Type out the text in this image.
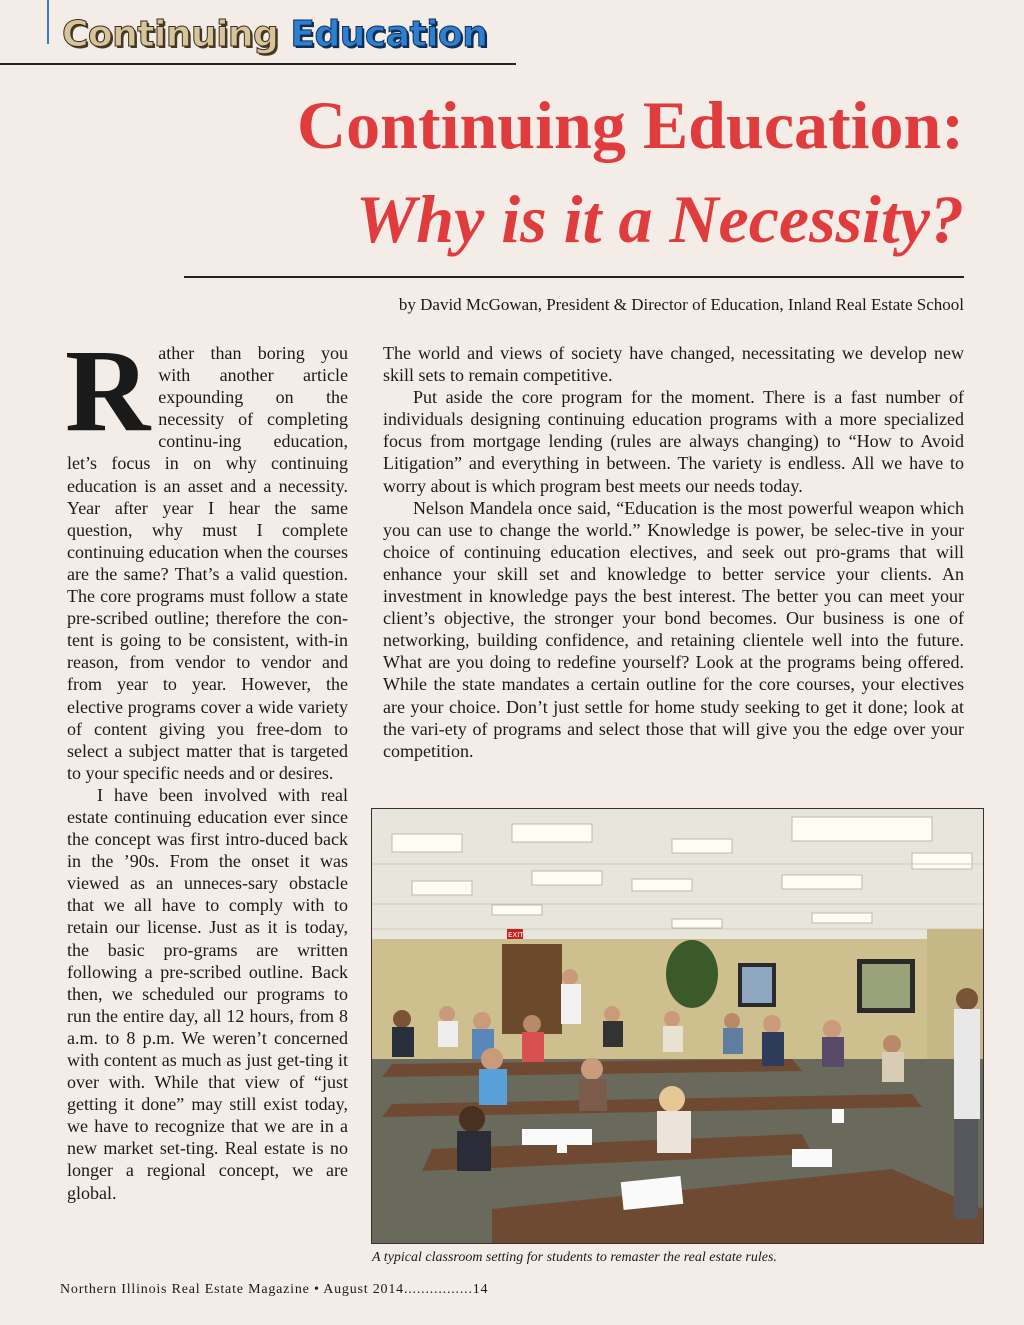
Continuing Education
Continuing Education:
Why is it a Necessity?
by David McGowan, President & Director of Education, Inland Real Estate School
R ather than boring you with another article expounding on the necessity of completing continu-ing education, let’s focus in on why continuing education is an asset and a necessity. Year after year I hear the same question, why must I complete continuing education when the courses are the same? That’s a valid question. The core programs must follow a state pre-scribed outline; therefore the con-tent is going to be consistent, with-in reason, from vendor to vendor and from year to year. However, the elective programs cover a wide variety of content giving you free-dom to select a subject matter that is targeted to your specific needs and or desires.

I have been involved with real estate continuing education ever since the concept was first intro-duced back in the ’90s. From the onset it was viewed as an unneces-sary obstacle that we all have to comply with to retain our license. Just as it is today, the basic pro-grams are written following a pre-scribed outline. Back then, we scheduled our programs to run the entire day, all 12 hours, from 8 a.m. to 8 p.m. We weren’t concerned with content as much as just get-ting it over with. While that view of “just getting it done” may still exist today, we have to recognize that we are in a new market set-ting. Real estate is no longer a regional concept, we are global.

The world and views of society have changed, necessitating we develop new skill sets to remain competitive.

Put aside the core program for the moment. There is a fast number of individuals designing continuing education programs with a more specialized focus from mortgage lending (rules are always changing) to “How to Avoid Litigation” and everything in between. The variety is endless. All we have to worry about is which program best meets our needs today.

Nelson Mandela once said, “Education is the most powerful weapon which you can use to change the world.” Knowledge is power, be selec-tive in your choice of continuing education electives, and seek out pro-grams that will enhance your skill set and knowledge to better service your clients. An investment in knowledge pays the best interest. The better you can meet your client’s objective, the stronger your bond becomes. Our business is one of networking, building confidence, and retaining clientele well into the future. What are you doing to redefine yourself? Look at the programs being offered. While the state mandates a certain outline for the core courses, your electives are your choice. Don’t just settle for home study seeking to get it done; look at the vari-ety of programs and select those that will give you the edge over your competition.

EXIT
A typical classroom setting for students to remaster the real estate rules.
Northern Illinois Real Estate Magazine • August 2014................14
